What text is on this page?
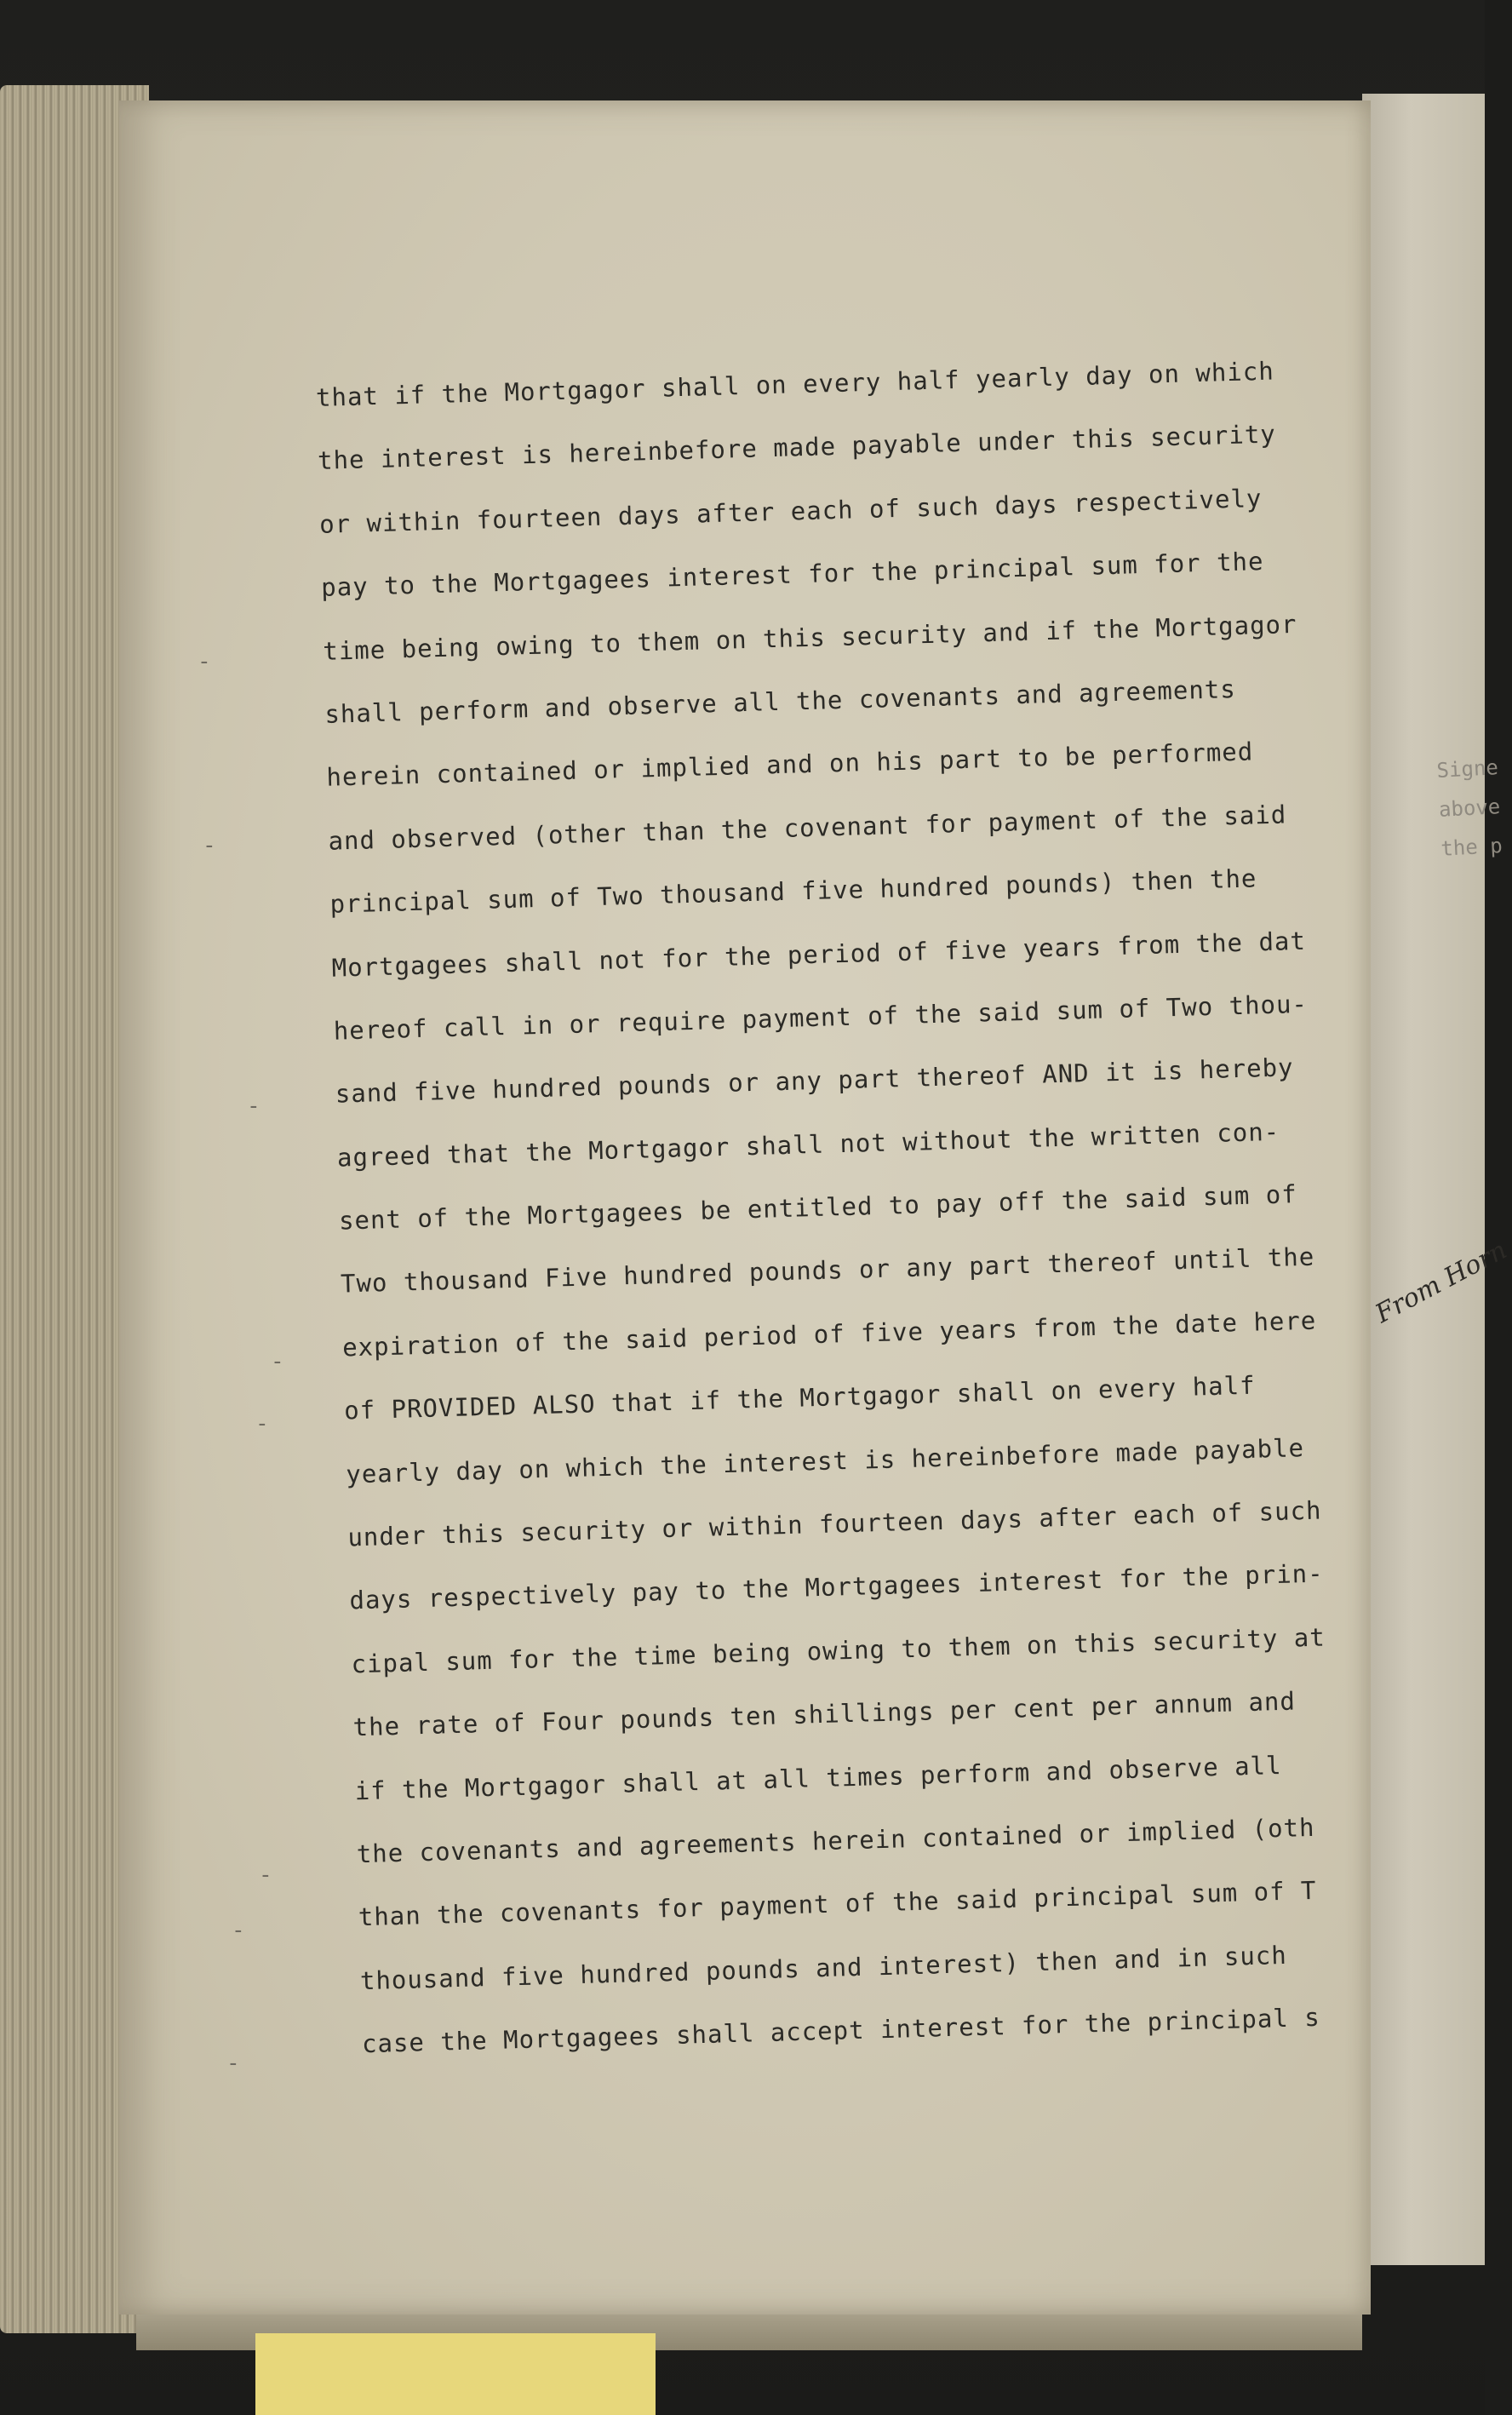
Signe
above
the p
-
-
-
-
-
-
-
-
that if the Mortgagor shall on every half yearly day on which
the interest is hereinbefore made payable under this security
or within fourteen days after each of such days respectively
pay to the Mortgagees interest for the principal sum for the
time being owing to them on this security and if the Mortgagor
shall perform and observe all the covenants and agreements
herein contained or implied and on his part to be performed
and observed (other than the covenant for payment of the said
principal sum of Two thousand five hundred pounds) then the
Mortgagees shall not for the period of five years from the dat
hereof call in or require payment of the said sum of Two thou-
sand five hundred pounds or any part thereof AND it is hereby
agreed that the Mortgagor shall not without the written con-
sent of the Mortgagees be entitled to pay off the said sum of
Two thousand Five hundred pounds or any part thereof until the
expiration of the said period of five years from the date here
of PROVIDED ALSO that if the Mortgagor shall on every half
yearly day on which the interest is hereinbefore made payable
under this security or within fourteen days after each of such
days respectively pay to the Mortgagees interest for the prin-
cipal sum for the time being owing to them on this security at
the rate of Four pounds ten shillings per cent per annum and
if the Mortgagor shall at all times perform and observe all
the covenants and agreements herein contained or implied (oth
than the covenants for payment of the said principal sum of T
thousand five hundred pounds and interest) then and in such
case the Mortgagees shall accept interest for the principal s
From Horn
